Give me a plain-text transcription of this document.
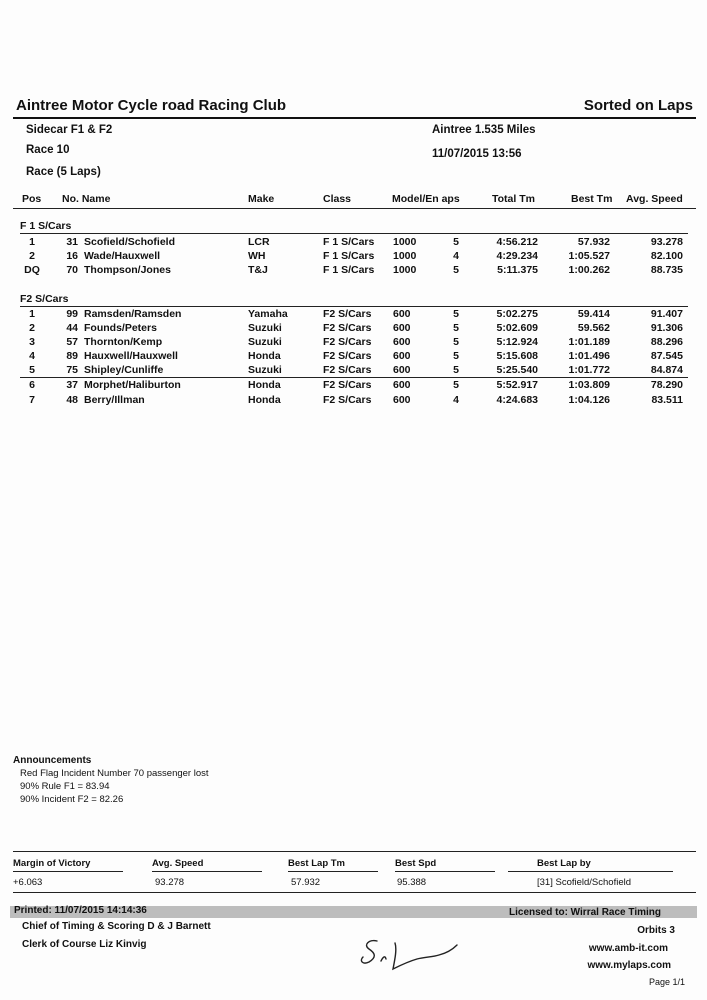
Aintree Motor Cycle road Racing Club	Sorted on Laps
Sidecar F1 & F2	Aintree 1.535 Miles
Race 10	11/07/2015 13:56
Race (5 Laps)
Pos No. Name	Make	Class	Model/En aps	Total Tm	Best Tm Avg. Speed
F 1 S/Cars
1	31 Scofield/Schofield	LCR	F 1 S/Cars 1000	5	4:56.212	57.932	93.278
2	16 Wade/Hauxwell	WH	F 1 S/Cars 1000	4	4:29.234	1:05.527	82.100
DQ	70 Thompson/Jones	T&J	F 1 S/Cars 1000	5	5:11.375	1:00.262	88.735
F2 S/Cars
1	99 Ramsden/Ramsden	Yamaha	F2 S/Cars 600	5	5:02.275	59.414	91.407
2	44 Founds/Peters	Suzuki	F2 S/Cars 600	5	5:02.609	59.562	91.306
3	57 Thornton/Kemp	Suzuki	F2 S/Cars 600	5	5:12.924	1:01.189	88.296
4	89 Hauxwell/Hauxwell	Honda	F2 S/Cars 600	5	5:15.608	1:01.496	87.545
5	75 Shipley/Cunliffe	Suzuki	F2 S/Cars 600	5	5:25.540	1:01.772	84.874
6	37 Morphet/Haliburton	Honda	F2 S/Cars 600	5	5:52.917	1:03.809	78.290
7	48 Berry/Illman	Honda	F2 S/Cars 600	4	4:24.683	1:04.126	83.511
Announcements
Red Flag Incident Number 70 passenger lost
90% Rule F1 = 83.94
90% Incident F2 = 82.26
Margin of Victory	Avg. Speed	Best Lap Tm	Best Spd	Best Lap by
+6.063	93.278	57.932	95.388	[31] Scofield/Schofield
Printed: 11/07/2015 14:14:36	Licensed to: Wirral Race Timing
Chief of Timing & Scoring D & J Barnett
Clerk of Course Liz Kinvig
Orbits 3
www.amb-it.com
www.mylaps.com
Page 1/1
